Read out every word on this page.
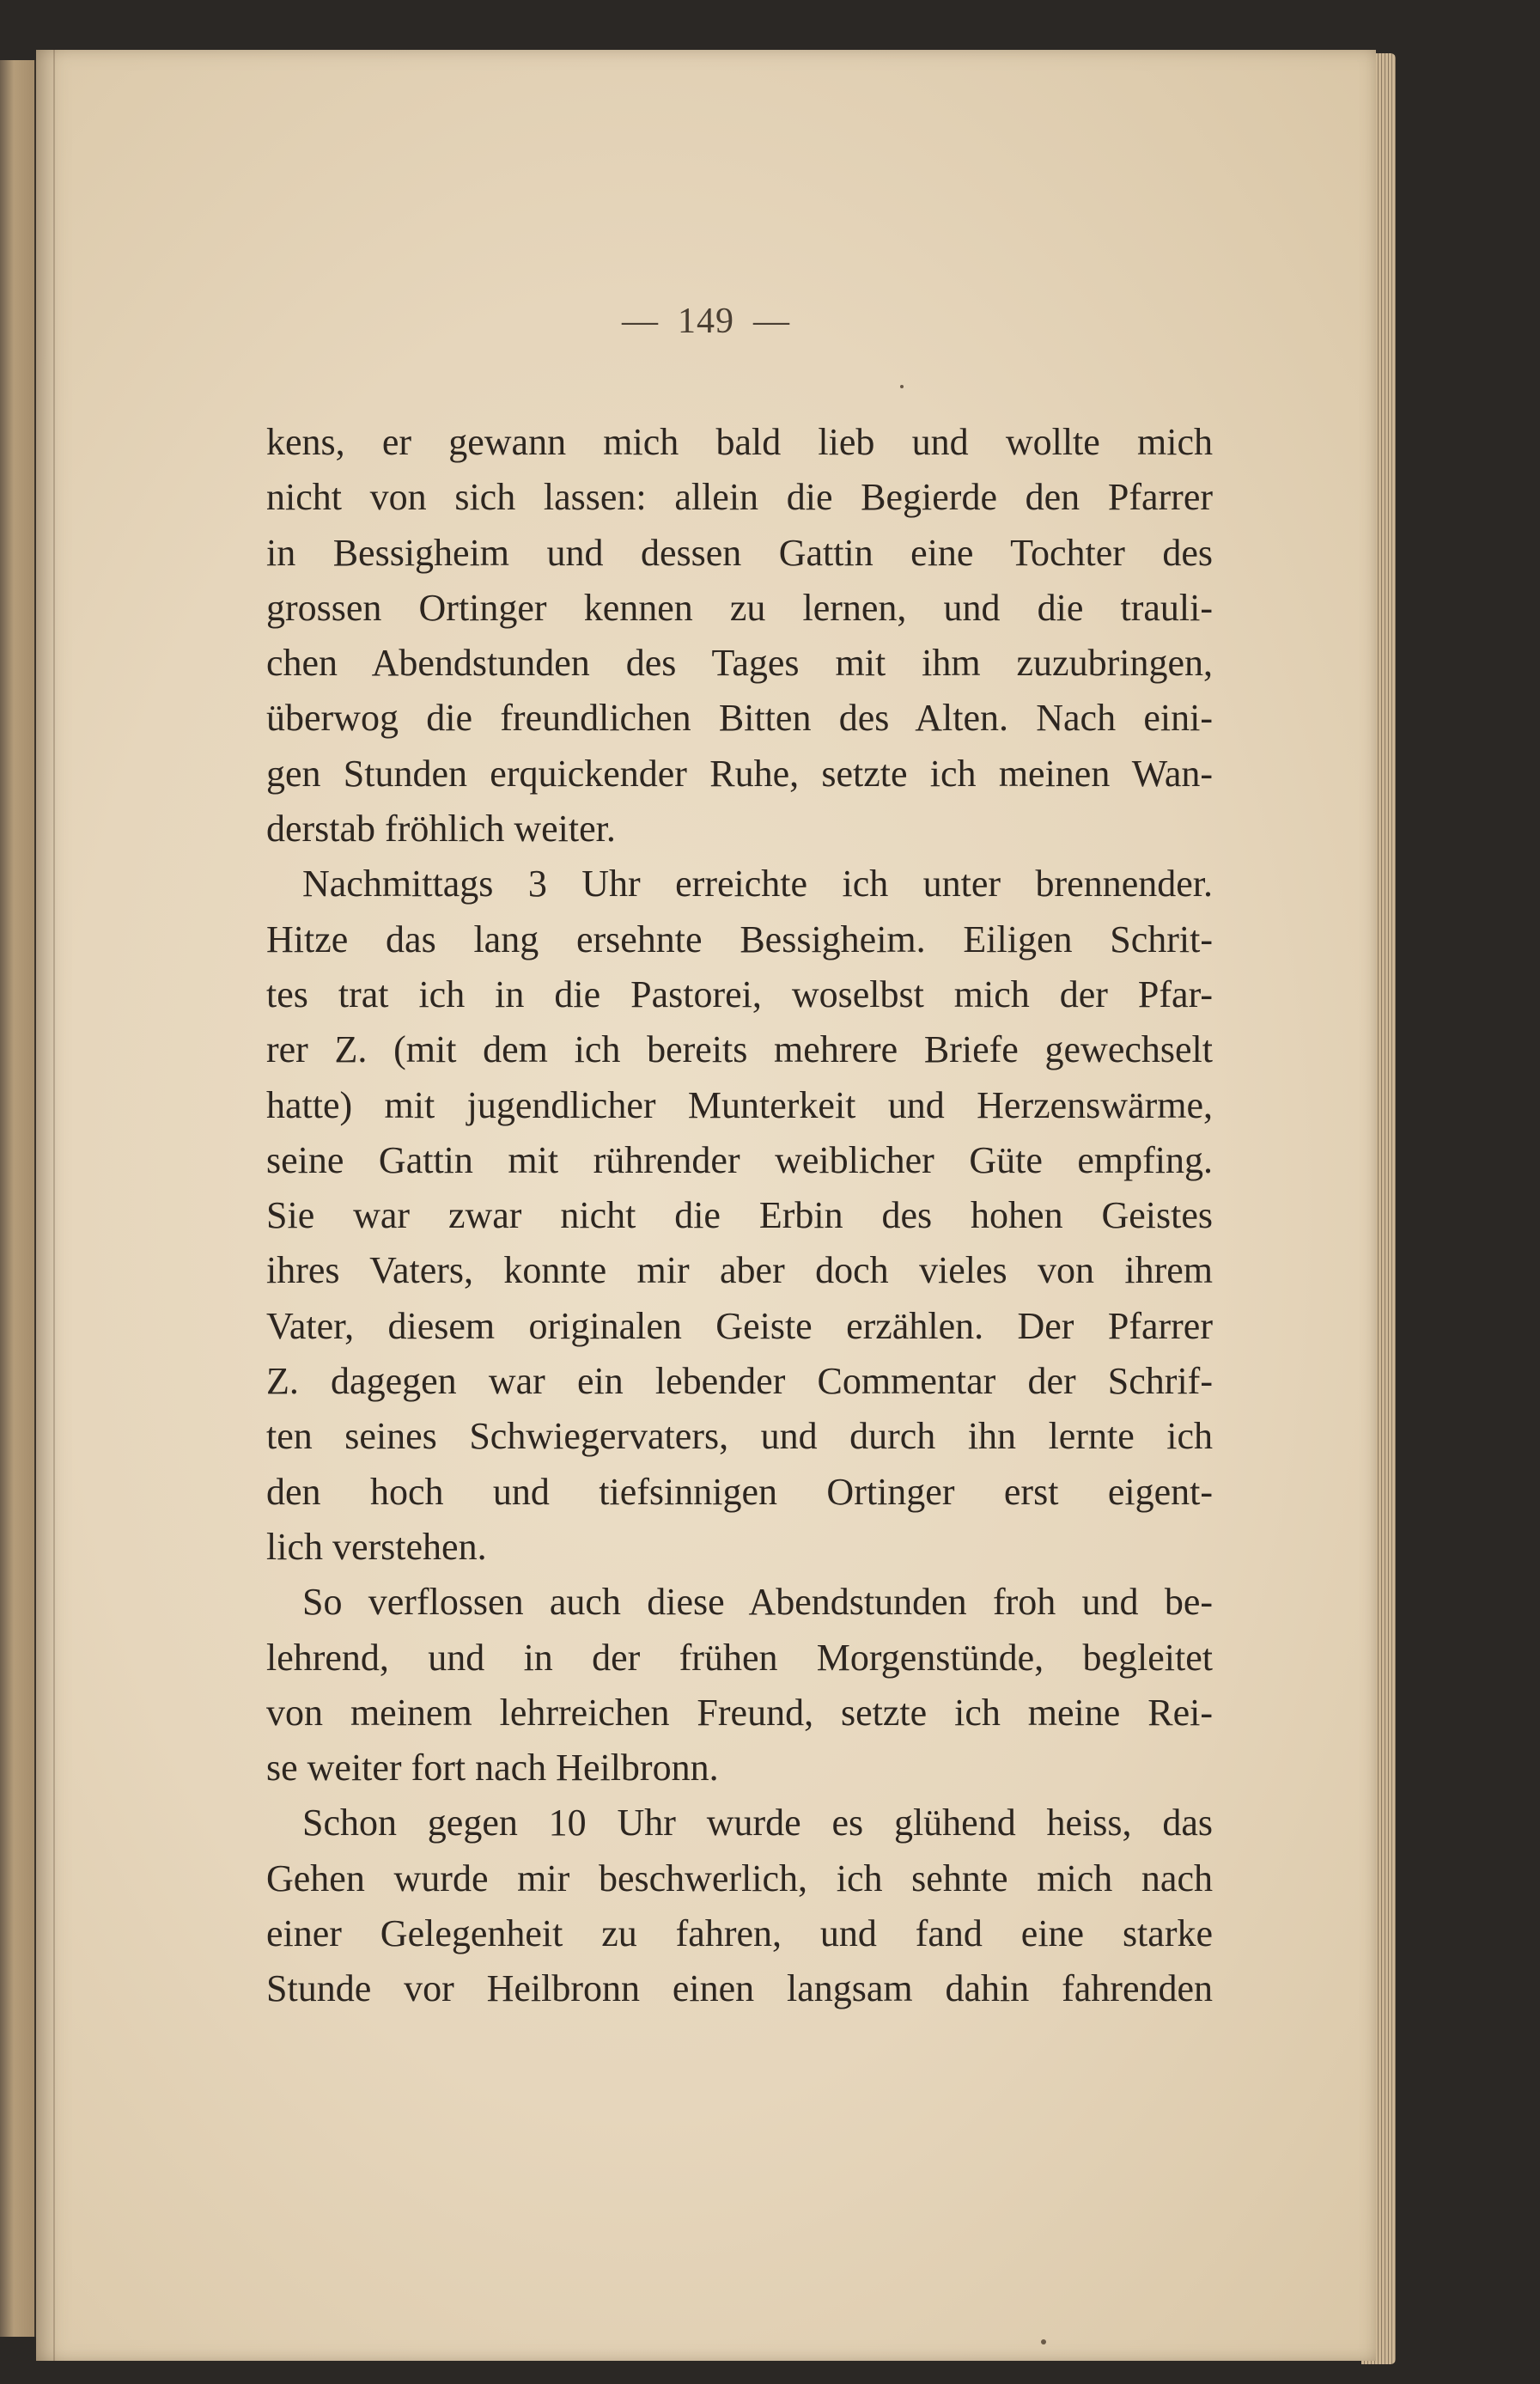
— 149 —
kens, er gewann mich bald lieb und wollte mich
nicht von sich lassen: allein die Begierde den Pfarrer
in Bessigheim und dessen Gattin eine Tochter des
grossen Ortinger kennen zu lernen, und die trauli-
chen Abendstunden des Tages mit ihm zuzubringen,
überwog die freundlichen Bitten des Alten. Nach eini-
gen Stunden erquickender Ruhe, setzte ich meinen Wan-
derstab fröhlich weiter.
Nachmittags 3 Uhr erreichte ich unter brennender.
Hitze das lang ersehnte Bessigheim. Eiligen Schrit-
tes trat ich in die Pastorei, woselbst mich der Pfar-
rer Z. (mit dem ich bereits mehrere Briefe gewechselt
hatte) mit jugendlicher Munterkeit und Herzenswärme,
seine Gattin mit rührender weiblicher Güte empfing.
Sie war zwar nicht die Erbin des hohen Geistes
ihres Vaters, konnte mir aber doch vieles von ihrem
Vater, diesem originalen Geiste erzählen. Der Pfarrer
Z. dagegen war ein lebender Commentar der Schrif-
ten seines Schwiegervaters, und durch ihn lernte ich
den hoch und tiefsinnigen Ortinger erst eigent-
lich verstehen.
So verflossen auch diese Abendstunden froh und be-
lehrend, und in der frühen Morgenstünde, begleitet
von meinem lehrreichen Freund, setzte ich meine Rei-
se weiter fort nach Heilbronn.
Schon gegen 10 Uhr wurde es glühend heiss, das
Gehen wurde mir beschwerlich, ich sehnte mich nach
einer Gelegenheit zu fahren, und fand eine starke
Stunde vor Heilbronn einen langsam dahin fahrenden
